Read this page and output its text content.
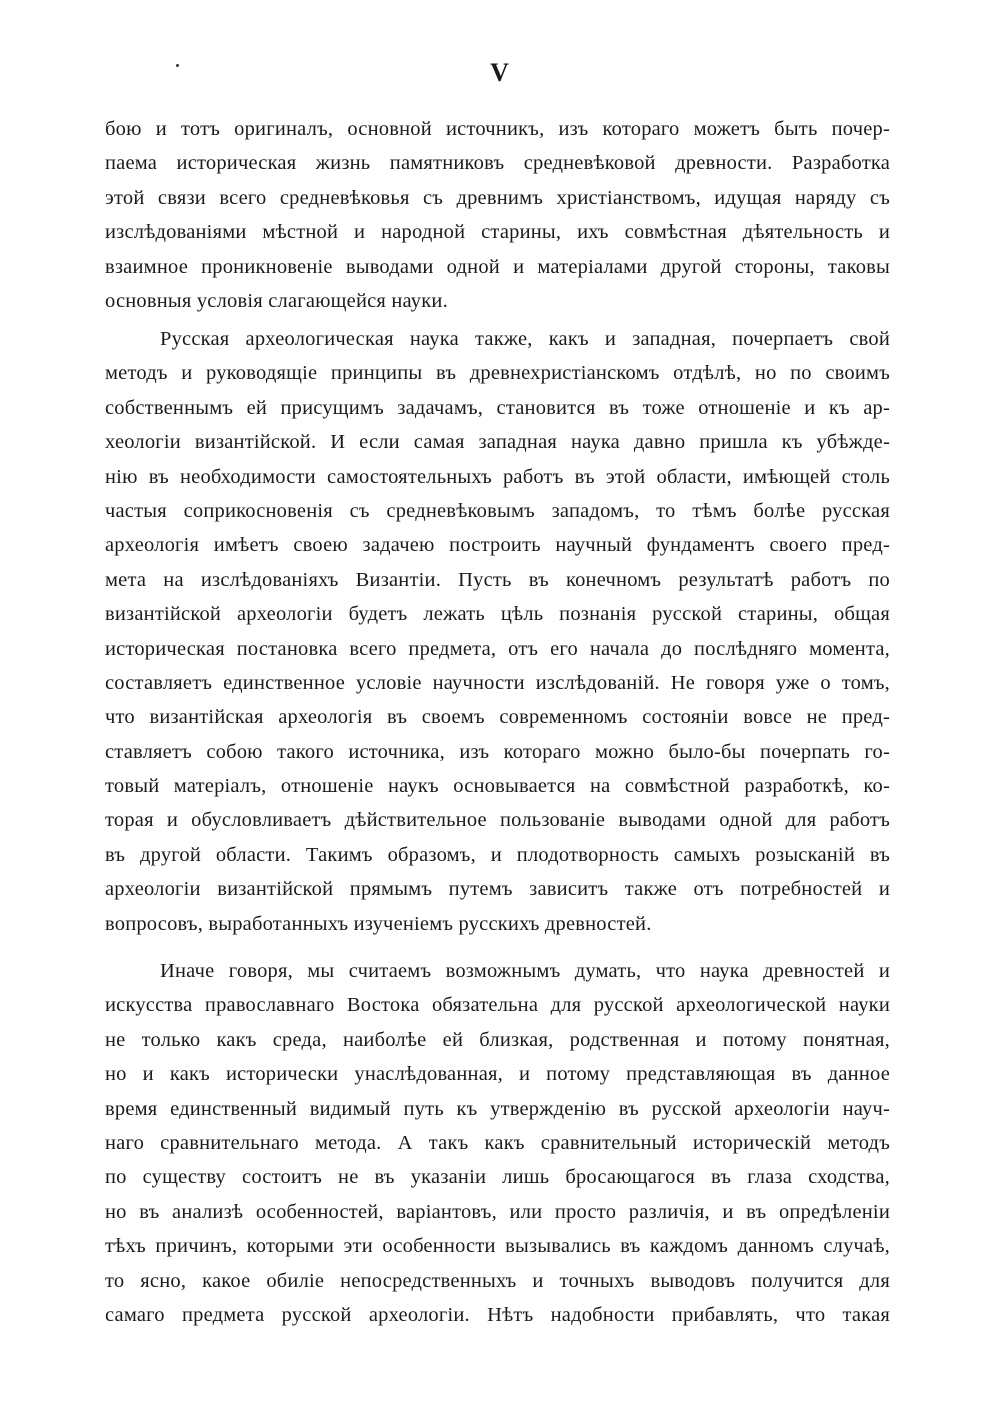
V
бою и тотъ оригиналъ, основной источникъ, изъ котораго можетъ быть почер-
паема историческая жизнь памятниковъ средневѣковой древности. Разработка
этой связи всего средневѣковья съ древнимъ христіанствомъ, идущая наряду съ
изслѣдованіями мѣстной и народной старины, ихъ совмѣстная дѣятельность и
взаимное проникновеніе выводами одной и матеріалами другой стороны, таковы
основныя условія слагающейся науки.
Русская археологическая наука также, какъ и западная, почерпаетъ свой
методъ и руководящіе принципы въ древнехристіанскомъ отдѣлѣ, но по своимъ
собственнымъ ей присущимъ задачамъ, становится въ тоже отношеніе и къ ар-
хеологіи византійской. И если самая западная наука давно пришла къ убѣжде-
нію въ необходимости самостоятельныхъ работъ въ этой области, имѣющей столь
частыя соприкосновенія съ средневѣковымъ западомъ, то тѣмъ болѣе русская
археологія имѣетъ своею задачею построить научный фундаментъ своего пред-
мета на изслѣдованіяхъ Византіи. Пусть въ конечномъ результатѣ работъ по
византійской археологіи будетъ лежать цѣль познанія русской старины, общая
историческая постановка всего предмета, отъ его начала до послѣдняго момента,
составляетъ единственное условіе научности изслѣдованій. Не говоря уже о томъ,
что византійская археологія въ своемъ современномъ состояніи вовсе не пред-
ставляетъ собою такого источника, изъ котораго можно было-бы почерпать го-
товый матеріалъ, отношеніе наукъ основывается на совмѣстной разработкѣ, ко-
торая и обусловливаетъ дѣйствительное пользованіе выводами одной для работъ
въ другой области. Такимъ образомъ, и плодотворность самыхъ розысканій въ
археологіи византійской прямымъ путемъ зависитъ также отъ потребностей и
вопросовъ, выработанныхъ изученіемъ русскихъ древностей.
Иначе говоря, мы считаемъ возможнымъ думать, что наука древностей и
искусства православнаго Востока обязательна для русской археологической науки
не только какъ среда, наиболѣе ей близкая, родственная и потому понятная,
но и какъ исторически унаслѣдованная, и потому представляющая въ данное
время единственный видимый путь къ утвержденію въ русской археологіи науч-
наго сравнительнаго метода. А такъ какъ сравнительный историческій методъ
по существу состоитъ не въ указаніи лишь бросающагося въ глаза сходства,
но въ анализѣ особенностей, варіантовъ, или просто различія, и въ опредѣленіи
тѣхъ причинъ, которыми эти особенности вызывались въ каждомъ данномъ случаѣ,
то ясно, какое обиліе непосредственныхъ и точныхъ выводовъ получится для
самаго предмета русской археологіи. Нѣтъ надобности прибавлять, что такая
